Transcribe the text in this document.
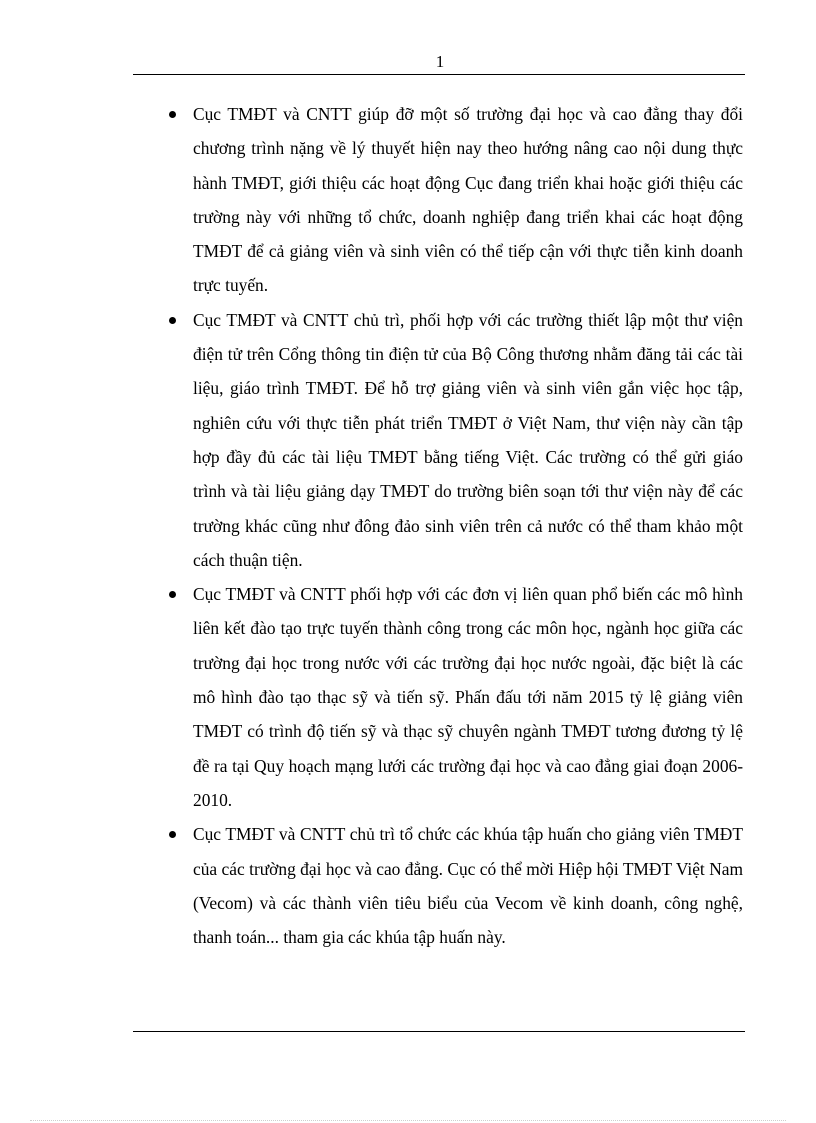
1
Cục TMĐT và CNTT giúp đỡ một số trường đại học và cao đẳng thay đổi chương trình nặng về lý thuyết hiện nay theo hướng nâng cao nội dung thực hành TMĐT, giới thiệu các hoạt động Cục đang triển khai hoặc giới thiệu các trường này với những tổ chức, doanh nghiệp đang triển khai các hoạt động TMĐT để cả giảng viên và sinh viên có thể tiếp cận với thực tiễn kinh doanh trực tuyến.
Cục TMĐT và CNTT chủ trì, phối hợp với các trường thiết lập một thư viện điện tử trên Cổng thông tin điện tử của Bộ Công thương nhằm đăng tải các tài liệu, giáo trình TMĐT. Để hỗ trợ giảng viên và sinh viên gắn việc học tập, nghiên cứu với thực tiễn phát triển TMĐT ở Việt Nam, thư viện này cần tập hợp đầy đủ các tài liệu TMĐT bằng tiếng Việt. Các trường có thể gửi giáo trình và tài liệu giảng dạy TMĐT do trường biên soạn tới thư viện này để các trường khác cũng như đông đảo sinh viên trên cả nước có thể tham khảo một cách thuận tiện.
Cục TMĐT và CNTT phối hợp với các đơn vị liên quan phổ biến các mô hình liên kết đào tạo trực tuyến thành công trong các môn học, ngành học giữa các trường đại học trong nước với các trường đại học nước ngoài, đặc biệt là các mô hình đào tạo thạc sỹ và tiến sỹ. Phấn đấu tới năm 2015 tỷ lệ giảng viên TMĐT có trình độ tiến sỹ và thạc sỹ chuyên ngành TMĐT tương đương tỷ lệ đề ra tại Quy hoạch mạng lưới các trường đại học và cao đẳng giai đoạn 2006-2010.
Cục TMĐT và CNTT chủ trì tổ chức các khúa tập huấn cho giảng viên TMĐT của các trường đại học và cao đẳng. Cục có thể mời Hiệp hội TMĐT Việt Nam (Vecom) và các thành viên tiêu biểu của Vecom về kinh doanh, công nghệ, thanh toán... tham gia các khúa tập huấn này.
